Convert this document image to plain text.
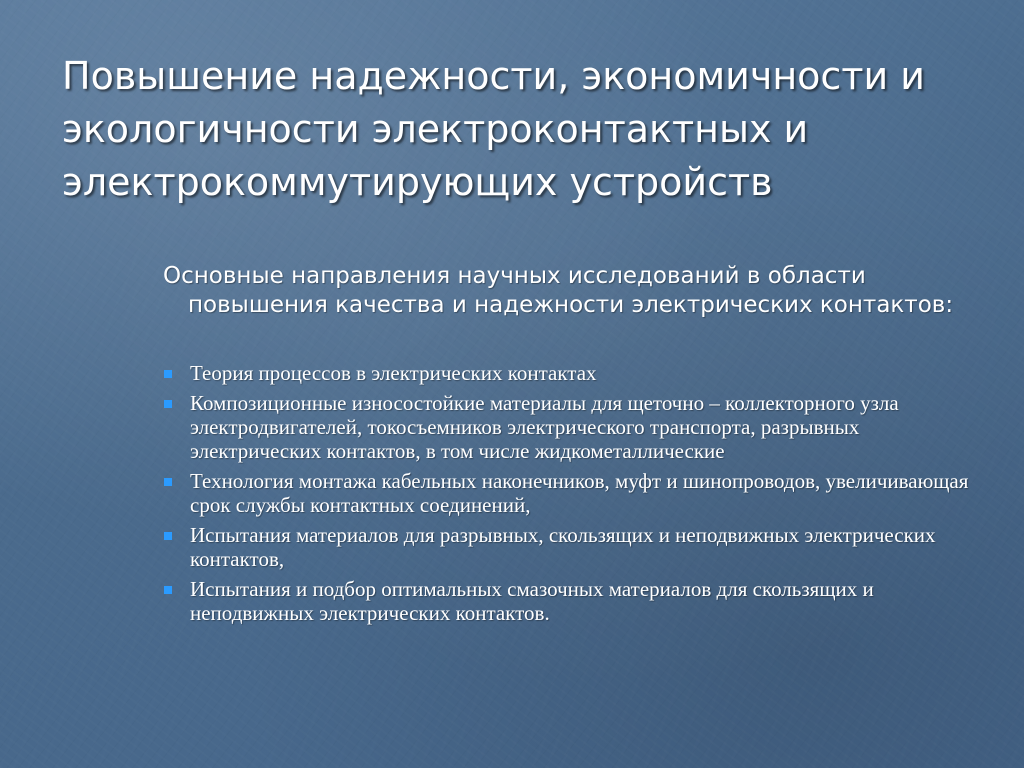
Повышение надежности, экономичности и экологичности электроконтактных и электрокоммутирующих устройств

Основные направления научных исследований в области повышения качества и надежности электрических контактов:

Теория процессов в электрических контактах
Композиционные износостойкие материалы для щеточно – коллекторного узла электродвигателей, токосъемников электрического транспорта, разрывных электрических контактов, в том числе жидкометаллические
Технология монтажа кабельных наконечников, муфт и шинопроводов, увеличивающая срок службы контактных соединений,
Испытания материалов для разрывных, скользящих и неподвижных электрических контактов,
Испытания и подбор оптимальных смазочных материалов для скользящих и неподвижных электрических контактов.
